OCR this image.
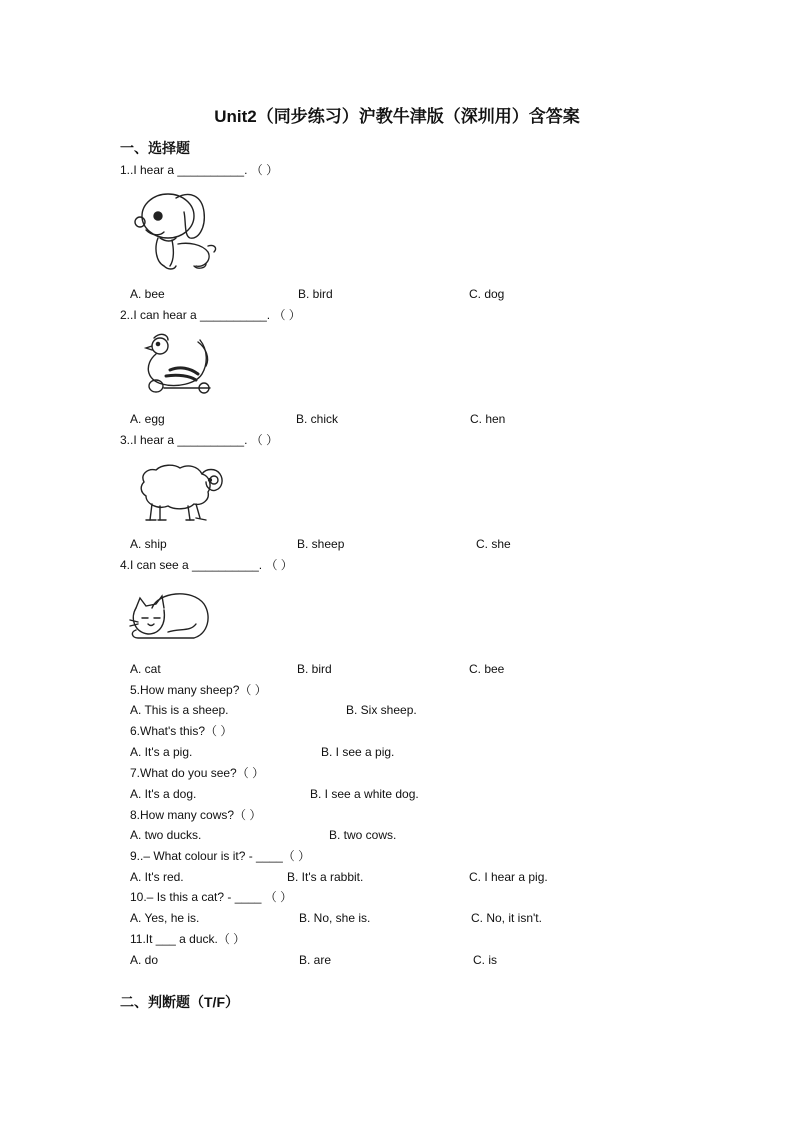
Unit2（同步练习）沪教牛津版（深圳用）含答案
一、选择题
1..I hear a __________. （ ）
A. bee	B. bird	C. dog
2..I can hear a __________. （ ）
A. egg	B. chick	C. hen
3..I hear a __________. （ ）
A. ship	B. sheep	C. she
4.I can see a __________. （ ）
A. cat	B. bird	C. bee
5.How many sheep?（ ）
A. This is a sheep.	B. Six sheep.
6.What's this?（ ）
A. It's a pig.	B. I see a pig.
7.What do you see?（ ）
A. It's a dog.	B. I see a white dog.
8.How many cows?（ ）
A. two ducks.	B. two cows.
9..– What colour is it? - ____（ ）
A. It's red.	B. It's a rabbit.	C. I hear a pig.
10.– Is this a cat? - ____ （ ）
A. Yes, he is.	B. No, she is.	C. No, it isn't.
11.It ___ a duck.（ ）
A. do	B. are	C. is
二、判断题（T/F）
